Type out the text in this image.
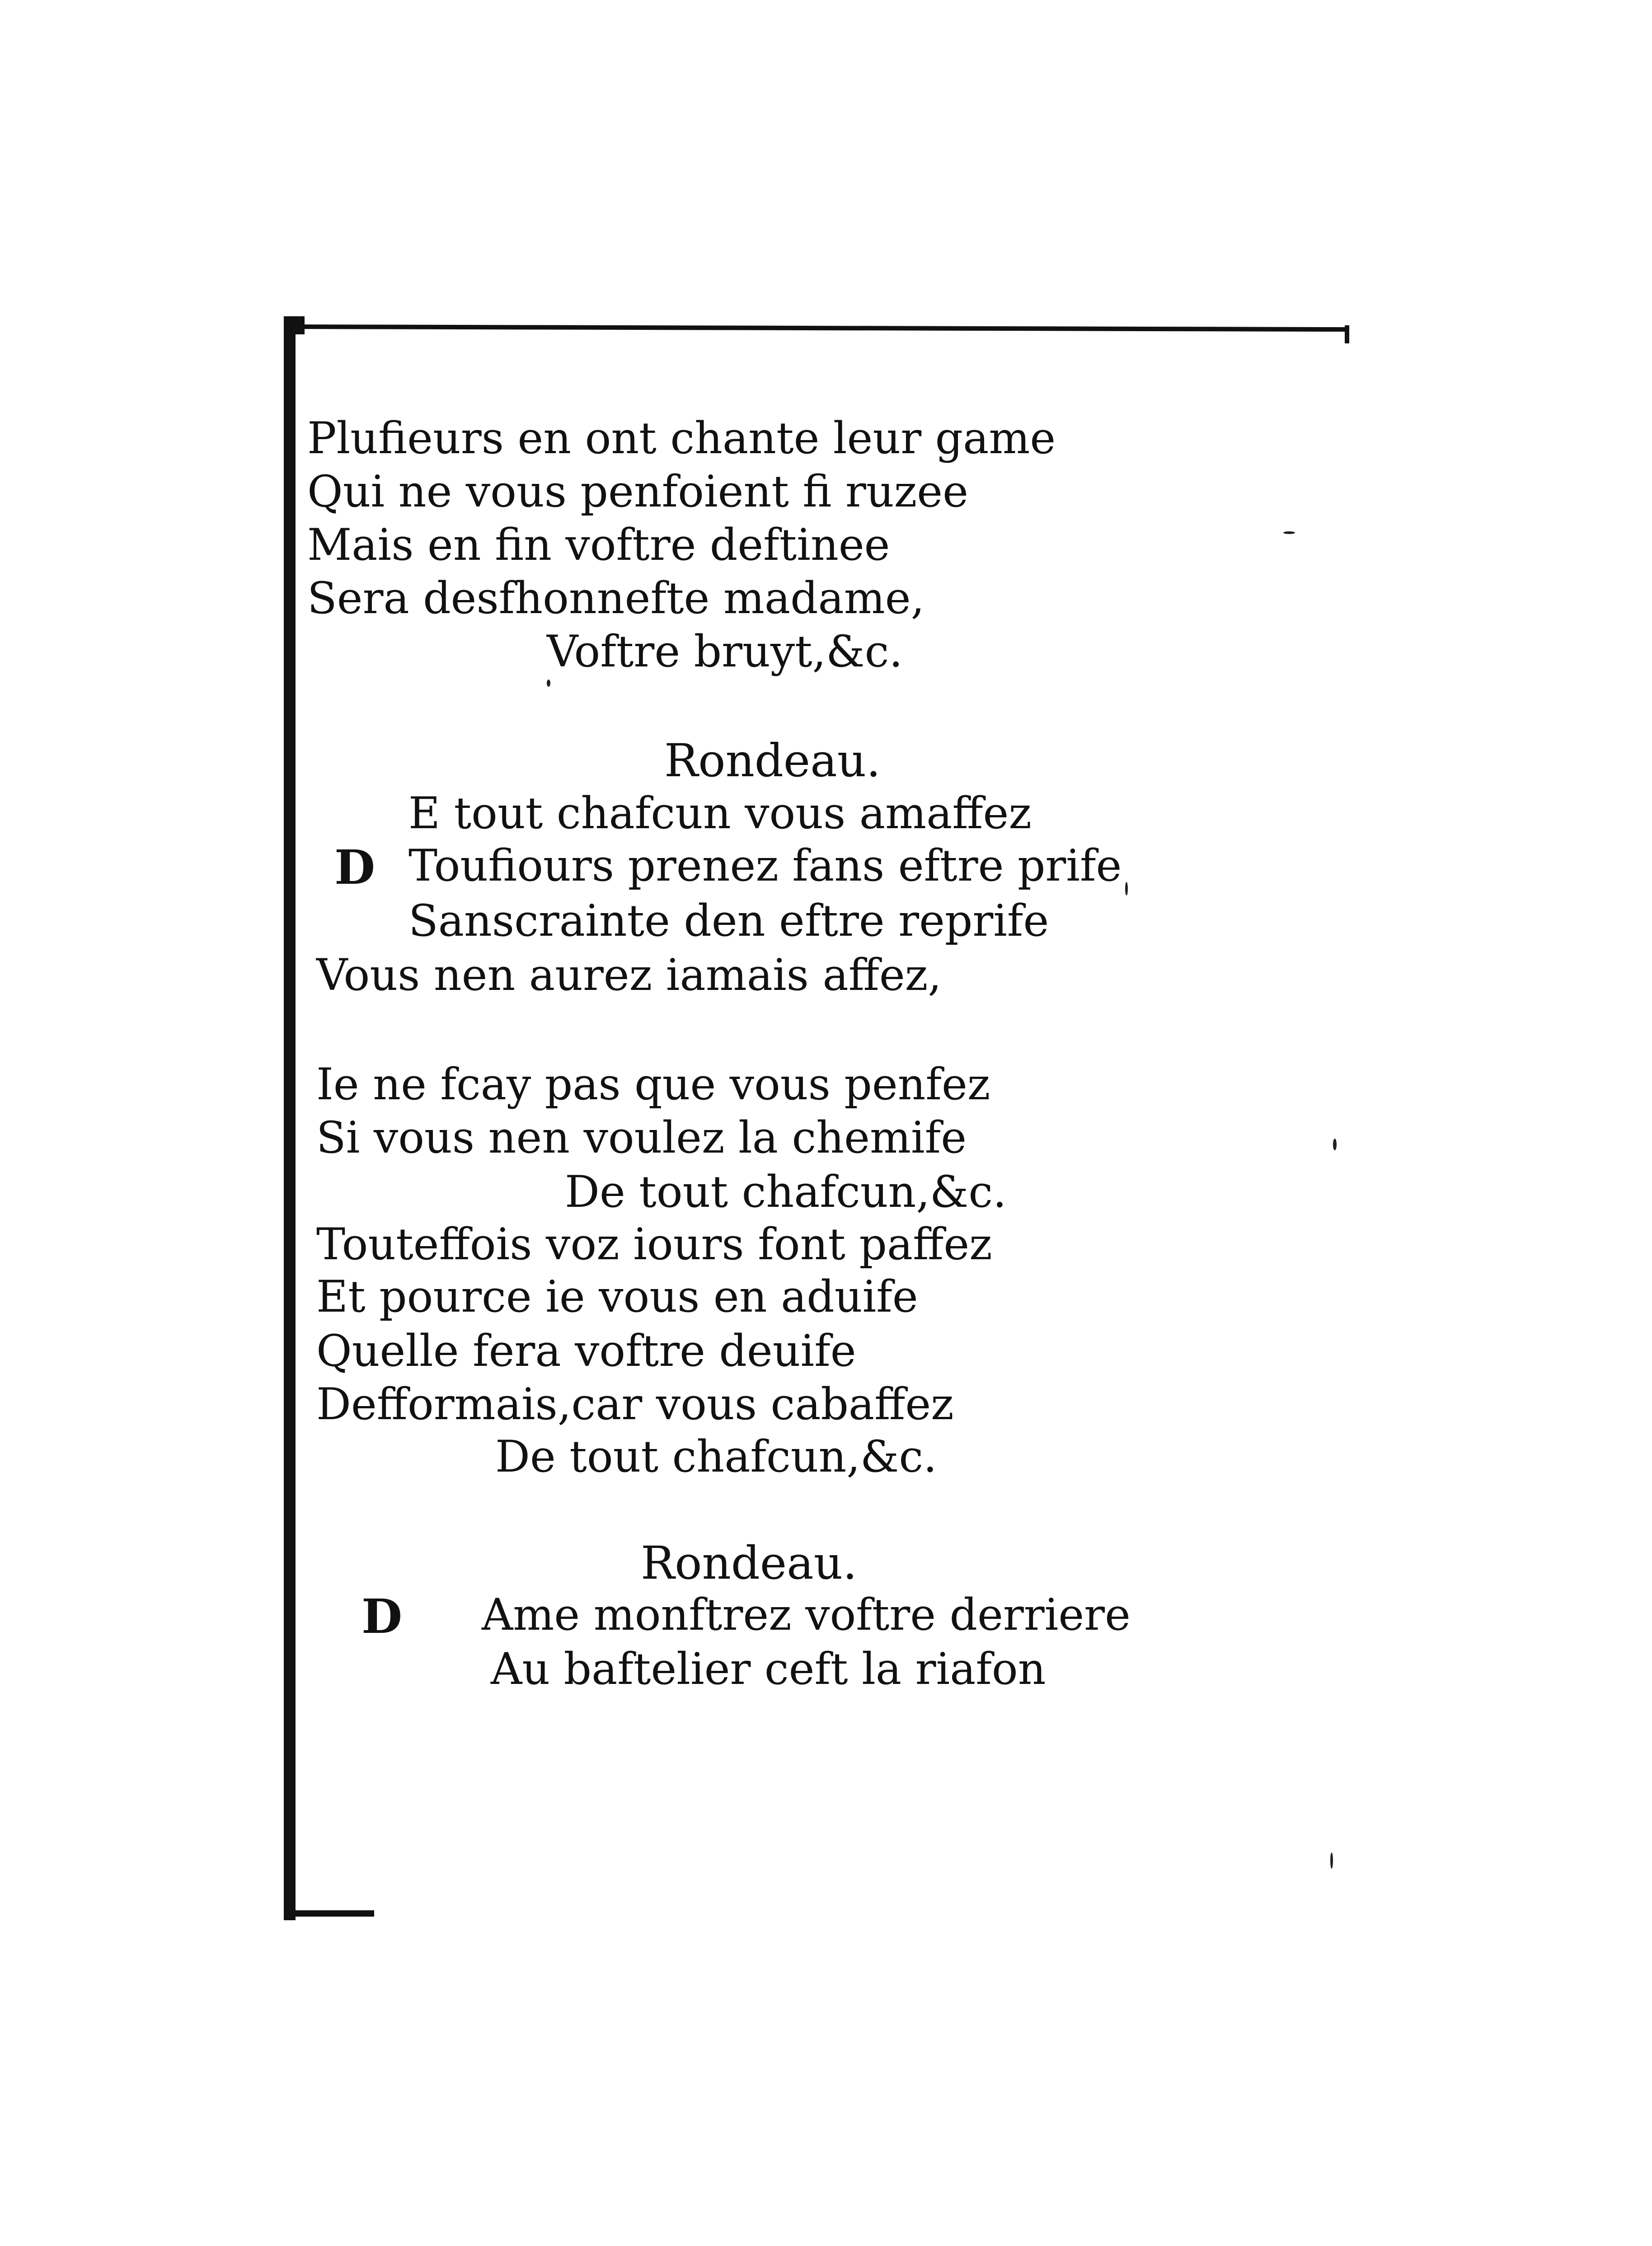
Plufieurs en ont chante leur game
Qui ne vous penfoient fi ruzee
Mais en fin voftre deftinee
Sera desfhonnefte madame,
Voftre bruyt,&c.
Rondeau.
D
E tout chafcun vous amaffez
Toufiours prenez fans eftre prife
Sanscrainte den eftre reprife
Vous nen aurez iamais affez,
Ie ne fcay pas que vous penfez
Si vous nen voulez la chemife
De tout chafcun,&c.
Touteffois voz iours font paffez
Et pource ie vous en aduife
Quelle fera voftre deuife
Defformais,car vous cabaffez
De tout chafcun,&c.
Rondeau.
D Ame monftrez voftre derriere
Au baftelier ceft la riafon
